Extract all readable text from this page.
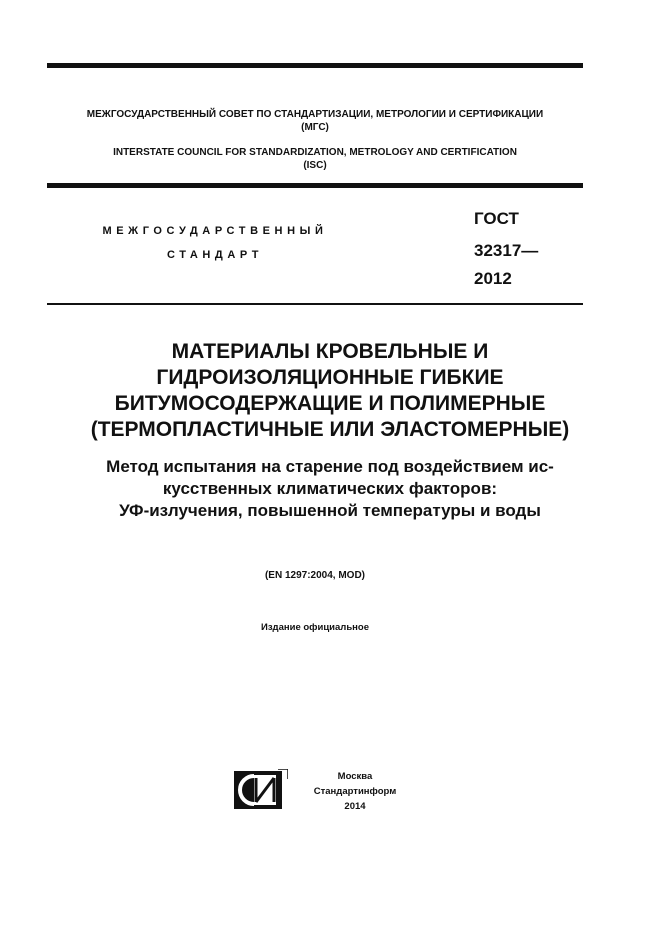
МЕЖГОСУДАРСТВЕННЫЙ СОВЕТ ПО СТАНДАРТИЗАЦИИ, МЕТРОЛОГИИ И СЕРТИФИКАЦИИ
(МГС)
INTERSTATE COUNCIL FOR STANDARDIZATION, METROLOGY AND CERTIFICATION
(ISC)
МЕЖГОСУДАРСТВЕННЫЙ
СТАНДАРТ
ГОСТ
32317—
2012
МАТЕРИАЛЫ КРОВЕЛЬНЫЕ И
ГИДРОИЗОЛЯЦИОННЫЕ ГИБКИЕ
БИТУМОСОДЕРЖАЩИЕ И ПОЛИМЕРНЫЕ
(ТЕРМОПЛАСТИЧНЫЕ ИЛИ ЭЛАСТОМЕРНЫЕ)
Метод испытания на старение под воздействием ис-
кусственных климатических факторов:
УФ-излучения, повышенной температуры и воды
(EN 1297:2004, MOD)
Издание официальное
Москва
Стандартинформ
2014
